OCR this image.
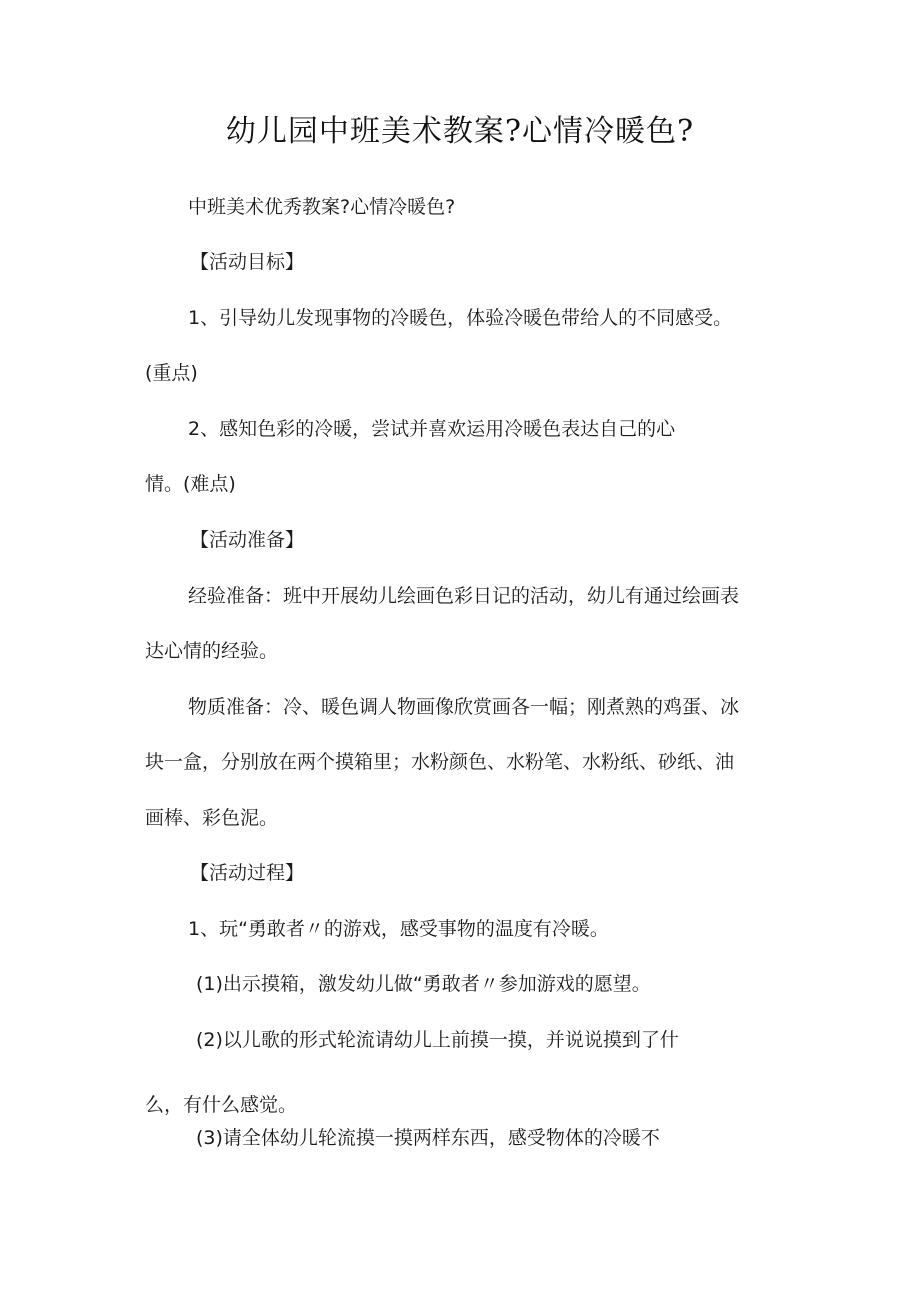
幼儿园中班美术教案?心情冷暖色?
中班美术优秀教案?心情冷暖色?
【活动目标】
1、引导幼儿发现事物的冷暖色，体验冷暖色带给人的不同感受。
(重点)
2、感知色彩的冷暖，尝试并喜欢运用冷暖色表达自己的心
情。(难点)
【活动准备】
经验准备：班中开展幼儿绘画色彩日记的活动，幼儿有通过绘画表
达心情的经验。
物质准备：冷、暖色调人物画像欣赏画各一幅；刚煮熟的鸡蛋、冰
块一盒，分别放在两个摸箱里；水粉颜色、水粉笔、水粉纸、砂纸、油
画棒、彩色泥。
【活动过程】
1、玩“勇敢者〃的游戏，感受事物的温度有冷暖。
(1)出示摸箱，激发幼儿做“勇敢者〃参加游戏的愿望。
(2)以儿歌的形式轮流请幼儿上前摸一摸，并说说摸到了什
么，有什么感觉。
(3)请全体幼儿轮流摸一摸两样东西，感受物体的冷暖不
